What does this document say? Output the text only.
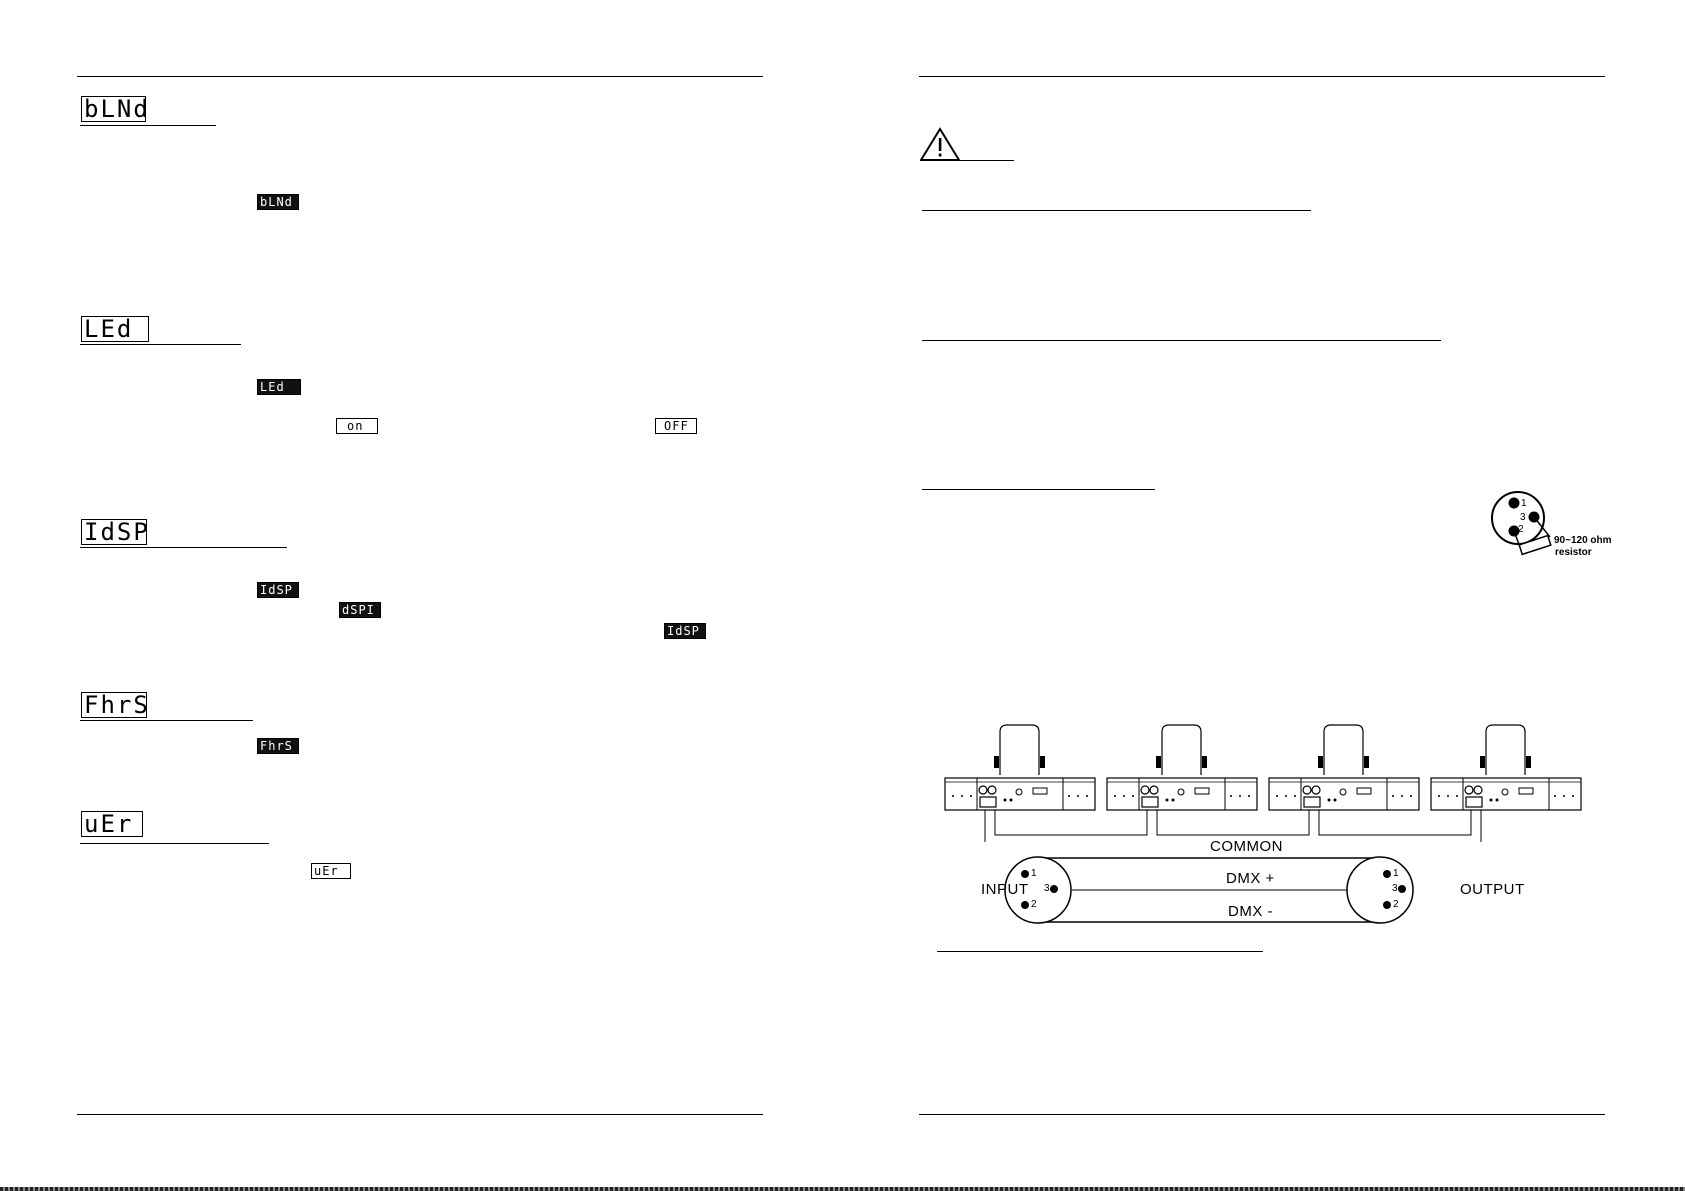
bLNd
bLNd
LEd
LEd
on	OFF
IdSP
IdSP
dSPI
IdSP
FhrS
FhrS
uEr
uEr
1
3
2
90~120 ohm
resistor
COMMON
DMX +
DMX -
INPUT	OUTPUT
1
3
2
1
3
2
